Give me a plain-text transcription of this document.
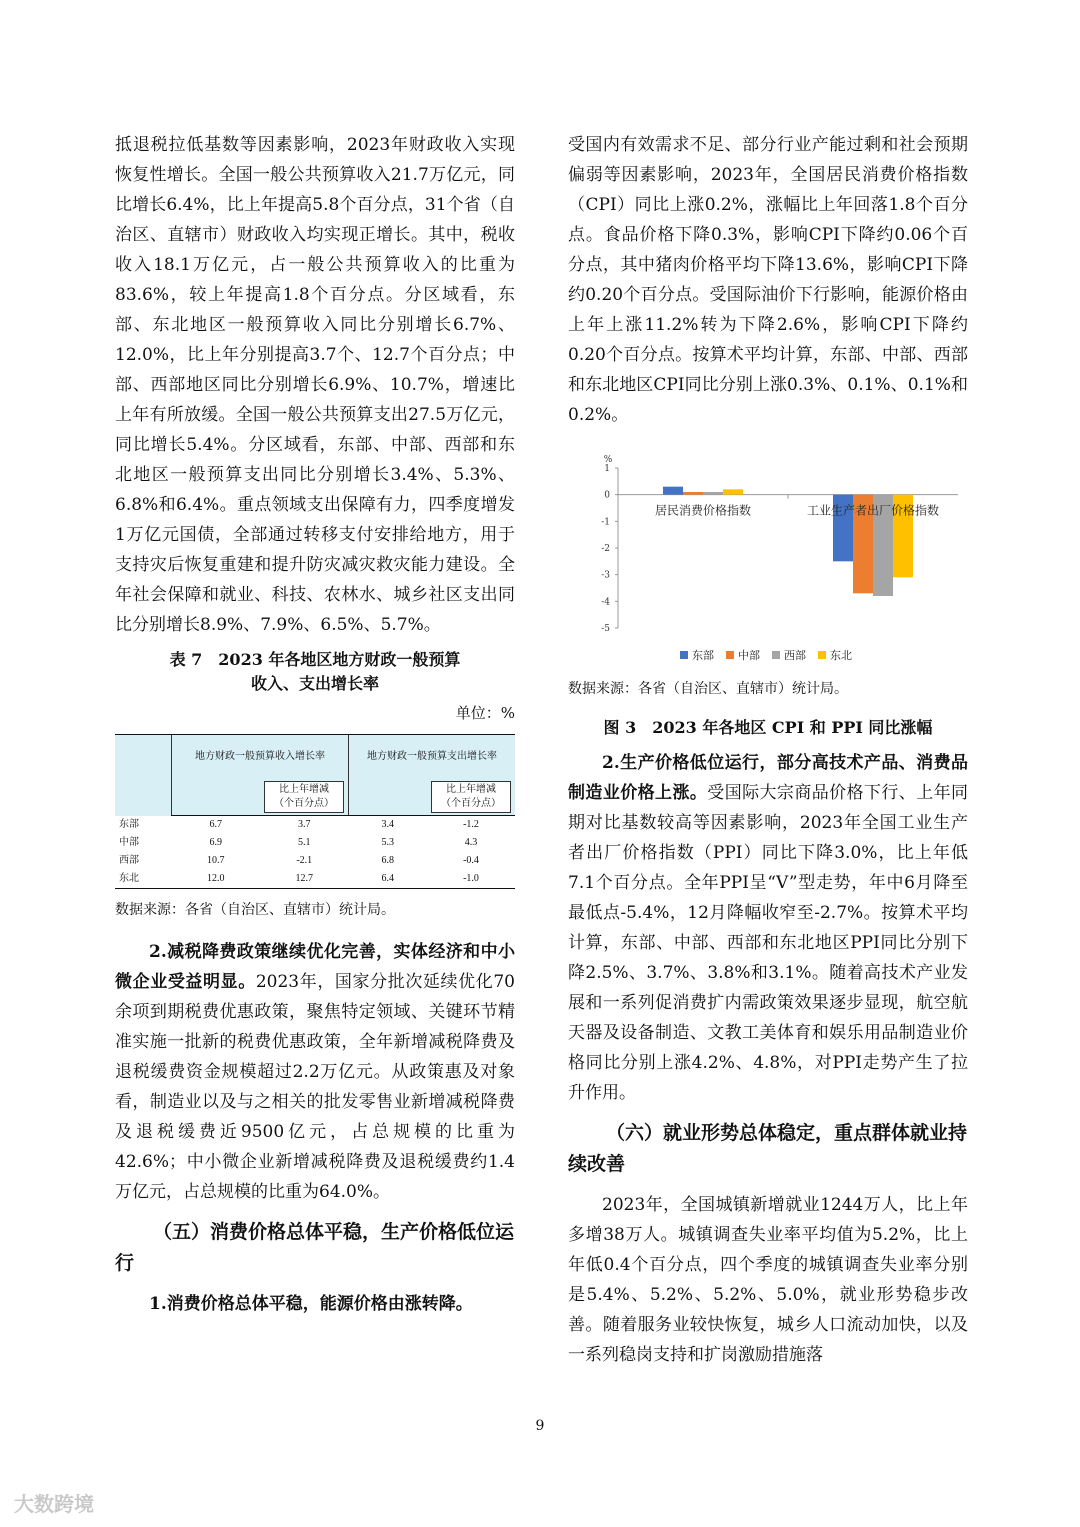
抵退税拉低基数等因素影响，2023年财政收入实现恢复性增长。全国一般公共预算收入21.7万亿元，同比增长6.4%，比上年提高5.8个百分点，31个省（自治区、直辖市）财政收入均实现正增长。其中，税收收入18.1万亿元，占一般公共预算收入的比重为83.6%，较上年提高1.8个百分点。分区域看，东部、东北地区一般预算收入同比分别增长6.7%、12.0%，比上年分别提高3.7个、12.7个百分点；中部、西部地区同比分别增长6.9%、10.7%，增速比上年有所放缓。全国一般公共预算支出27.5万亿元，同比增长5.4%。分区域看，东部、中部、西部和东北地区一般预算支出同比分别增长3.4%、5.3%、6.8%和6.4%。重点领域支出保障有力，四季度增发1万亿元国债，全部通过转移支付安排给地方，用于支持灾后恢复重建和提升防灾减灾救灾能力建设。全年社会保障和就业、科技、农林水、城乡社区支出同比分别增长8.9%、7.9%、6.5%、5.7%。

表 7　2023 年各地区地方财政一般预算
收入、支出增长率
单位：%
	地方财政一般预算收入增长率		地方财政一般预算支出增长率	
		比上年增减（个百分点）		比上年增减（个百分点）
东部	6.7	3.7	3.4	-1.2
中部	6.9	5.1	5.3	4.3
西部	10.7	-2.1	6.8	-0.4
东北	12.0	12.7	6.4	-1.0
数据来源：各省（自治区、直辖市）统计局。

2.减税降费政策继续优化完善，实体经济和中小微企业受益明显。2023年，国家分批次延续优化70余项到期税费优惠政策，聚焦特定领域、关键环节精准实施一批新的税费优惠政策，全年新增减税降费及退税缓费资金规模超过2.2万亿元。从政策惠及对象看，制造业以及与之相关的批发零售业新增减税降费及退税缓费近9500亿元，占总规模的比重为42.6%；中小微企业新增减税降费及退税缓费约1.4万亿元，占总规模的比重为64.0%。

（五）消费价格总体平稳，生产价格低位运行

1.消费价格总体平稳，能源价格由涨转降。

受国内有效需求不足、部分行业产能过剩和社会预期偏弱等因素影响，2023年，全国居民消费价格指数（CPI）同比上涨0.2%，涨幅比上年回落1.8个百分点。食品价格下降0.3%，影响CPI下降约0.06个百分点，其中猪肉价格平均下降13.6%，影响CPI下降约0.20个百分点。受国际油价下行影响，能源价格由上年上涨11.2%转为下降2.6%，影响CPI下降约0.20个百分点。按算术平均计算，东部、中部、西部和东北地区CPI同比分别上涨0.3%、0.1%、0.1%和0.2%。

%
1
0
-1
-2
-3
-4
-5
居民消费价格指数	工业生产者出厂价格指数
东部 中部 西部 东北
数据来源：各省（自治区、直辖市）统计局。
图 3　2023 年各地区 CPI 和 PPI 同比涨幅

2.生产价格低位运行，部分高技术产品、消费品制造业价格上涨。受国际大宗商品价格下行、上年同期对比基数较高等因素影响，2023年全国工业生产者出厂价格指数（PPI）同比下降3.0%，比上年低7.1个百分点。全年PPI呈“V”型走势，年中6月降至最低点-5.4%，12月降幅收窄至-2.7%。按算术平均计算，东部、中部、西部和东北地区PPI同比分别下降2.5%、3.7%、3.8%和3.1%。随着高技术产业发展和一系列促消费扩内需政策效果逐步显现，航空航天器及设备制造、文教工美体育和娱乐用品制造业价格同比分别上涨4.2%、4.8%，对PPI走势产生了拉升作用。

（六）就业形势总体稳定，重点群体就业持续改善

2023年，全国城镇新增就业1244万人，比上年多增38万人。城镇调查失业率平均值为5.2%，比上年低0.4个百分点，四个季度的城镇调查失业率分别是5.4%、5.2%、5.2%、5.0%，就业形势稳步改善。随着服务业较快恢复，城乡人口流动加快，以及一系列稳岗支持和扩岗激励措施落

9
大数跨境
